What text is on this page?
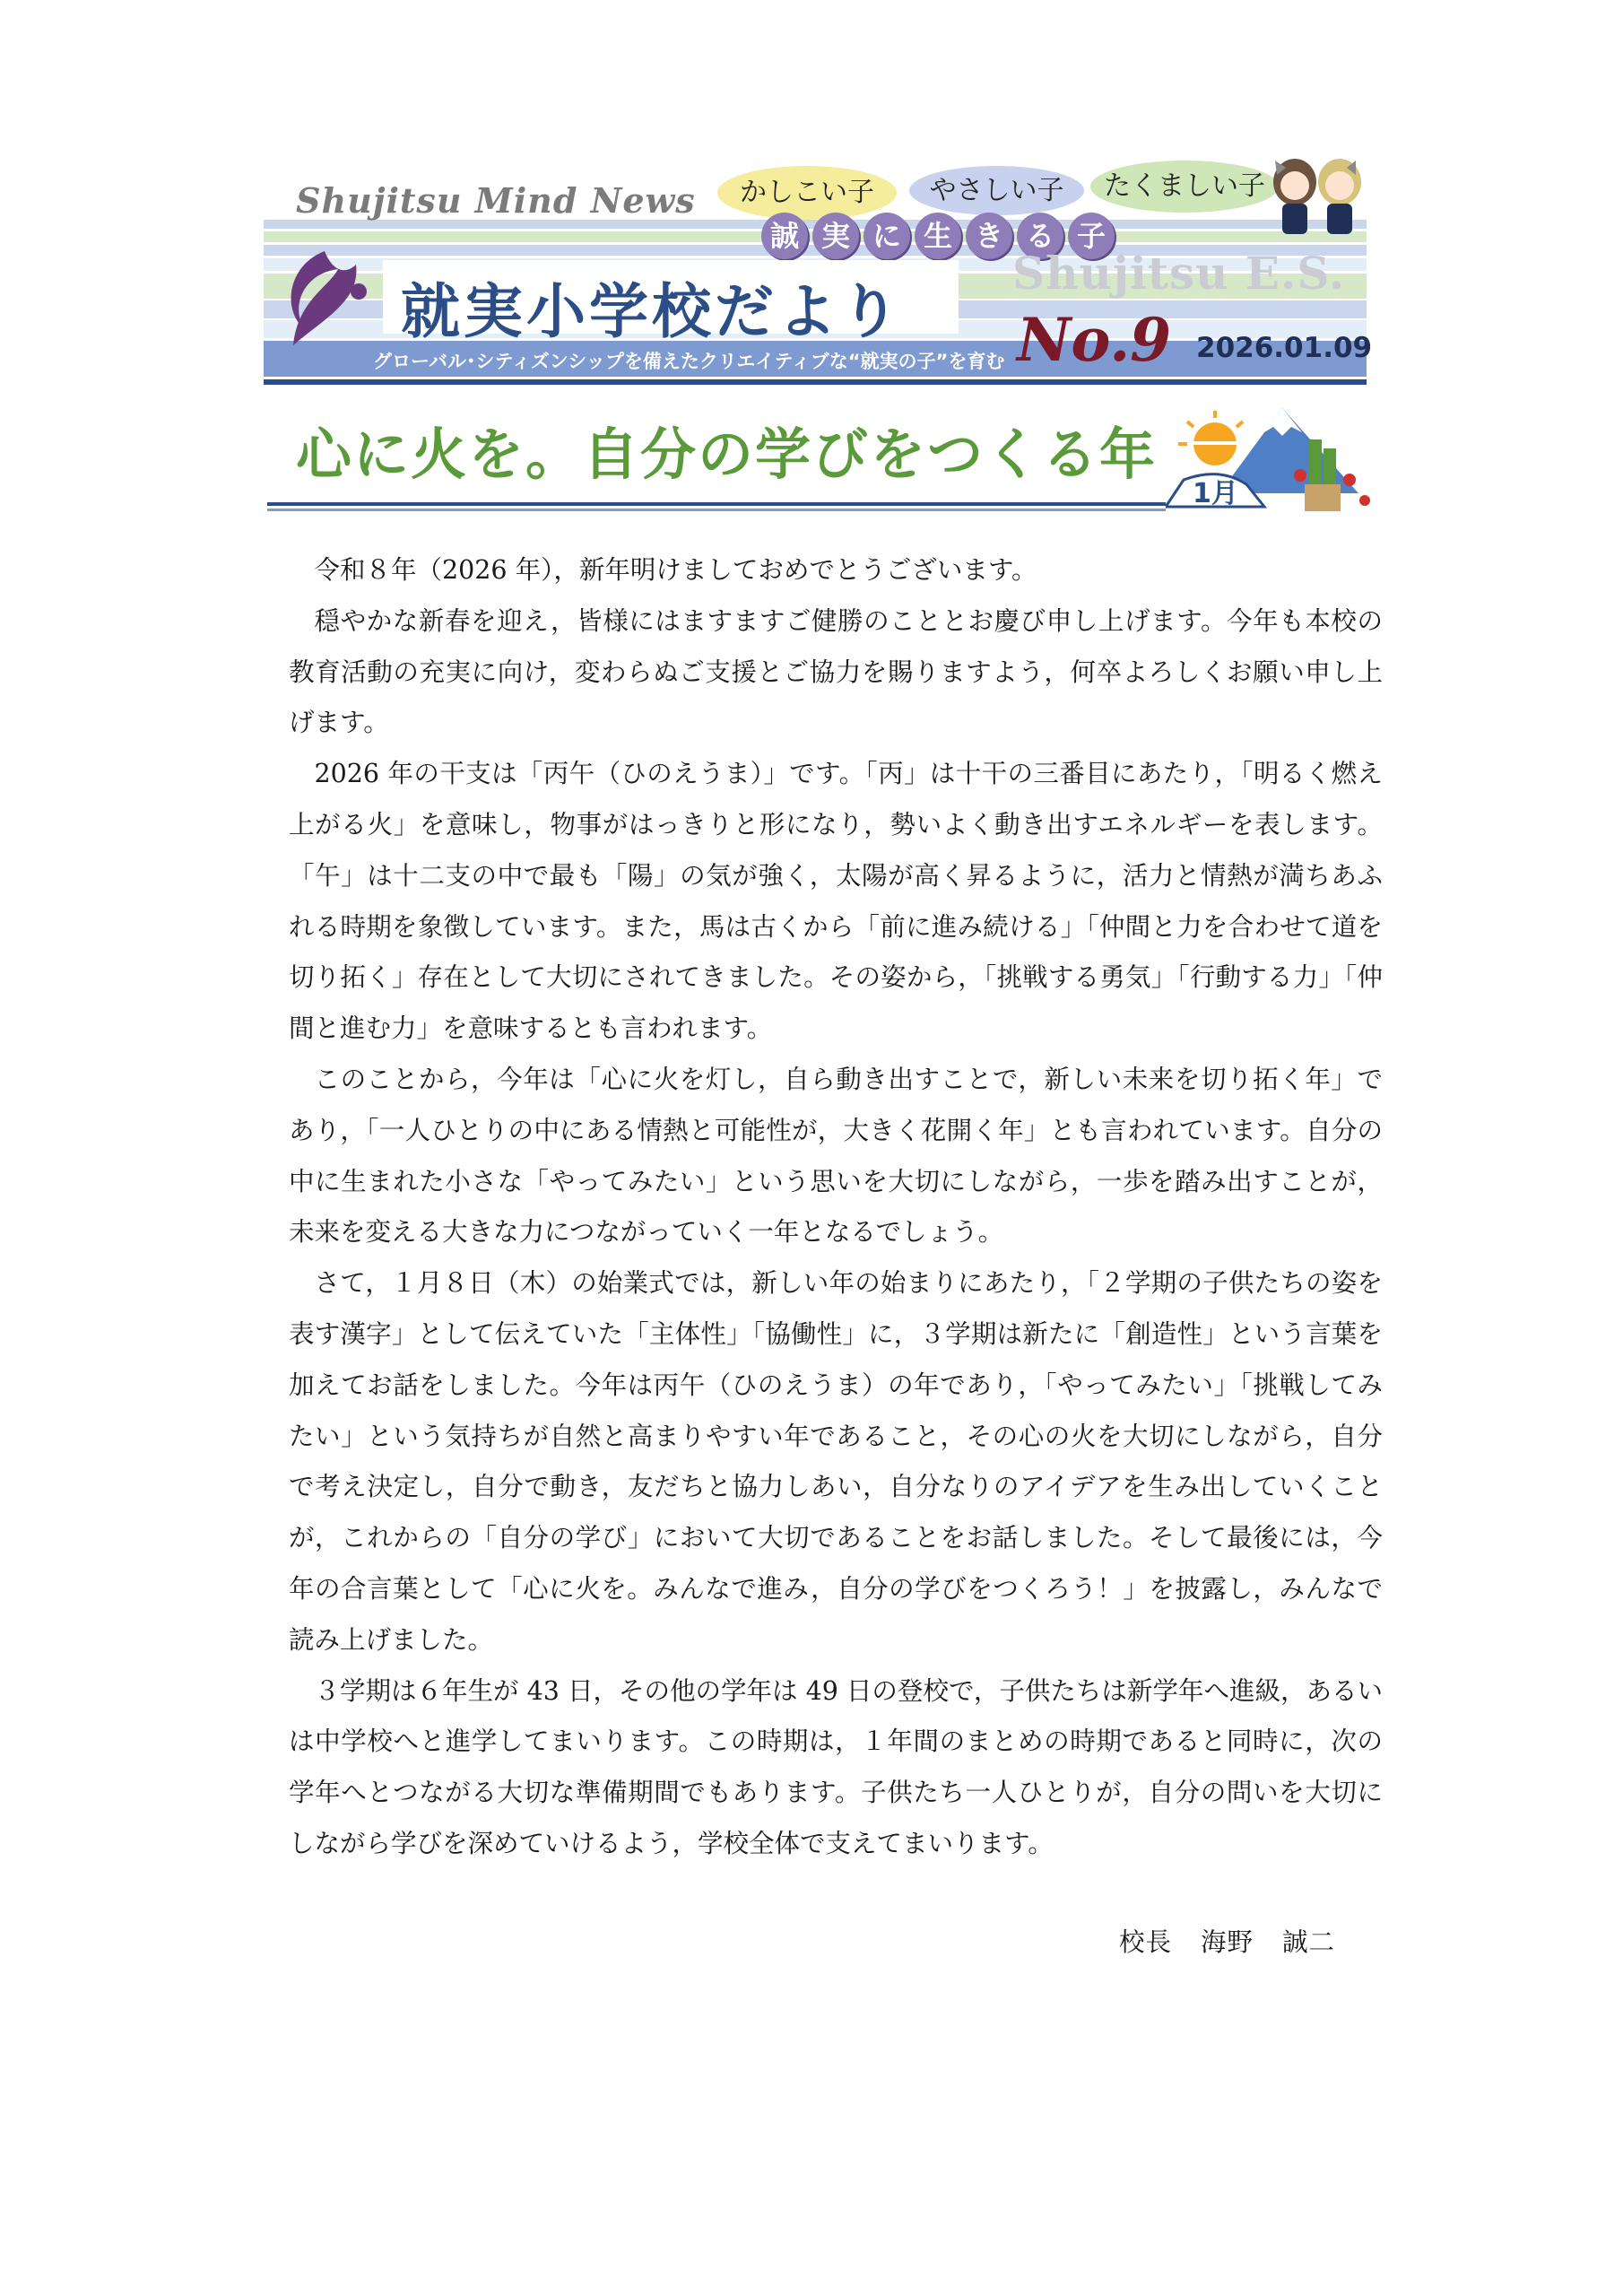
Shujitsu Mind News	かしこい子	やさしい子	たくましい子
誠 実 に 生 き る 子
就実小学校だより
Shujitsu E.S.
グローバル･シティズンシップを備えたクリエイティブな“就実の子”を育む No.9 2026.01.09
心に火を。自分の学びをつくる年
1月

令和８年（2026 年），新年明けましておめでとうございます。

穏やかな新春を迎え，皆様にはますますご健勝のこととお慶び申し上げます。今年も本校の教育活動の充実に向け，変わらぬご支援とご協力を賜りますよう，何卒よろしくお願い申し上げます。

2026 年の干支は「丙午（ひのえうま）」です。「丙」は十干の三番目にあたり，「明るく燃え上がる火」を意味し，物事がはっきりと形になり，勢いよく動き出すエネルギーを表します。「午」は十二支の中で最も「陽」の気が強く，太陽が高く昇るように，活力と情熱が満ちあふれる時期を象徴しています。また，馬は古くから「前に進み続ける」「仲間と力を合わせて道を切り拓く」存在として大切にされてきました。その姿から，「挑戦する勇気」「行動する力」「仲間と進む力」を意味するとも言われます。

このことから，今年は「心に火を灯し，自ら動き出すことで，新しい未来を切り拓く年」であり，「一人ひとりの中にある情熱と可能性が，大きく花開く年」とも言われています。自分の中に生まれた小さな「やってみたい」という思いを大切にしながら，一歩を踏み出すことが，未来を変える大きな力につながっていく一年となるでしょう。

さて，１月８日（木）の始業式では，新しい年の始まりにあたり，「２学期の子供たちの姿を表す漢字」として伝えていた「主体性」「協働性」に，３学期は新たに「創造性」という言葉を加えてお話をしました。今年は丙午（ひのえうま）の年であり，「やってみたい」「挑戦してみたい」という気持ちが自然と高まりやすい年であること，その心の火を大切にしながら，自分で考え決定し，自分で動き，友だちと協力しあい，自分なりのアイデアを生み出していくことが，これからの「自分の学び」において大切であることをお話しました。そして最後には，今年の合言葉として「心に火を。みんなで進み，自分の学びをつくろう！」を披露し，みんなで読み上げました。

３学期は６年生が 43 日，その他の学年は 49 日の登校で，子供たちは新学年へ進級，あるいは中学校へと進学してまいります。この時期は，１年間のまとめの時期であると同時に，次の学年へとつながる大切な準備期間でもあります。子供たち一人ひとりが，自分の問いを大切にしながら学びを深めていけるよう，学校全体で支えてまいります。

校長 海野 誠二
